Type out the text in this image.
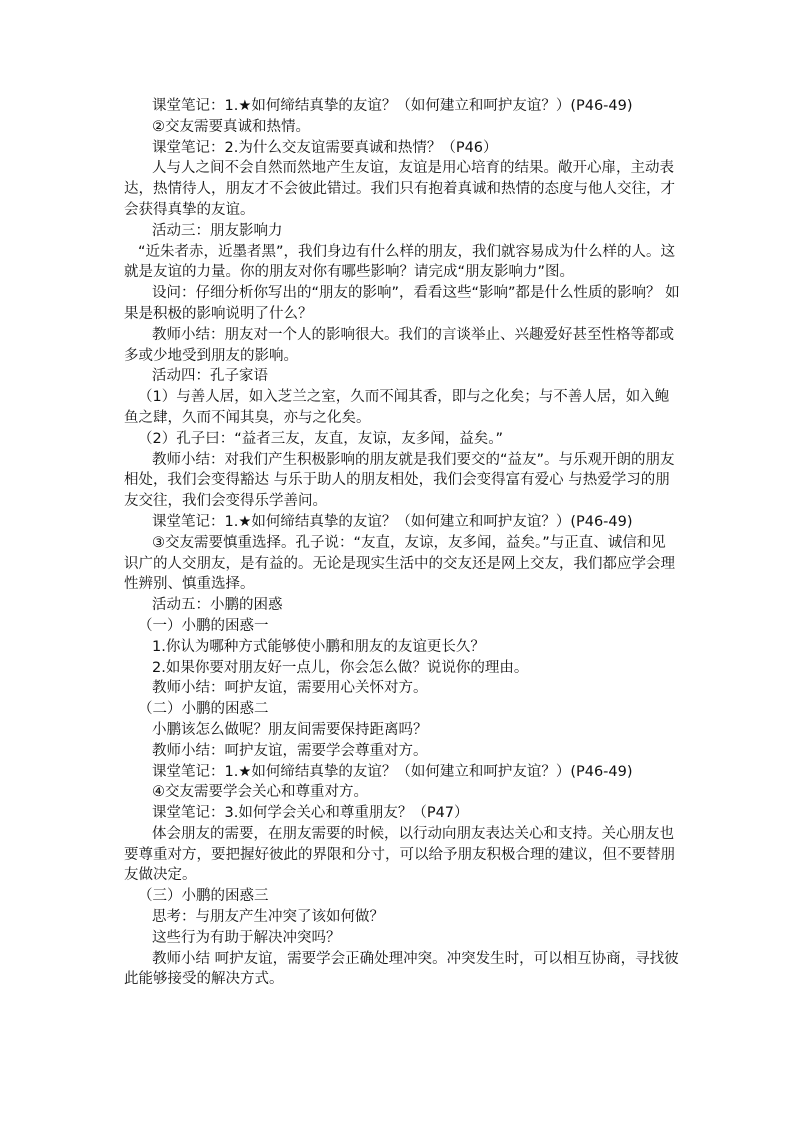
课堂笔记：1.★如何缔结真挚的友谊？（如何建立和呵护友谊？）(P46-49)

②交友需要真诚和热情。

课堂笔记：2.为什么交友谊需要真诚和热情？（P46）

人与人之间不会自然而然地产生友谊，友谊是用心培育的结果。敞开心扉，主动表达，热情待人，朋友才不会彼此错过。我们只有抱着真诚和热情的态度与他人交往，才会获得真挚的友谊。

活动三：朋友影响力

“近朱者赤，近墨者黑”，我们身边有什么样的朋友，我们就容易成为什么样的人。这就是友谊的力量。你的朋友对你有哪些影响？请完成“朋友影响力”图。

设问：仔细分析你写出的“朋友的影响”，看看这些“影响”都是什么性质的影响？ 如果是积极的影响说明了什么？

教师小结：朋友对一个人的影响很大。我们的言谈举止、兴趣爱好甚至性格等都或多或少地受到朋友的影响。

活动四：孔子家语

（1）与善人居，如入芝兰之室，久而不闻其香，即与之化矣；与不善人居，如入鲍鱼之肆，久而不闻其臭，亦与之化矣。

（2）孔子曰：“益者三友，友直，友谅，友多闻，益矣。”

教师小结：对我们产生积极影响的朋友就是我们要交的“益友”。与乐观开朗的朋友相处，我们会变得豁达 与乐于助人的朋友相处，我们会变得富有爱心 与热爱学习的朋友交往，我们会变得乐学善问。

课堂笔记：1.★如何缔结真挚的友谊？（如何建立和呵护友谊？）(P46-49)

③交友需要慎重选择。孔子说：“友直，友谅，友多闻，益矣。”与正直、诚信和见识广的人交朋友，是有益的。无论是现实生活中的交友还是网上交友，我们都应学会理性辨别、慎重选择。

活动五：小鹏的困惑

（一）小鹏的困惑一

1.你认为哪种方式能够使小鹏和朋友的友谊更长久？

2.如果你要对朋友好一点儿，你会怎么做？说说你的理由。

教师小结：呵护友谊，需要用心关怀对方。

（二）小鹏的困惑二

小鹏该怎么做呢？朋友间需要保持距离吗？

教师小结：呵护友谊，需要学会尊重对方。

课堂笔记：1.★如何缔结真挚的友谊？（如何建立和呵护友谊？）(P46-49)

④交友需要学会关心和尊重对方。

课堂笔记：3.如何学会关心和尊重朋友？（P47）

体会朋友的需要，在朋友需要的时候，以行动向朋友表达关心和支持。关心朋友也要尊重对方，要把握好彼此的界限和分寸，可以给予朋友积极合理的建议，但不要替朋友做决定。

（三）小鹏的困惑三

思考：与朋友产生冲突了该如何做？

这些行为有助于解决冲突吗？

教师小结 呵护友谊，需要学会正确处理冲突。冲突发生时，可以相互协商，寻找彼此能够接受的解决方式。
